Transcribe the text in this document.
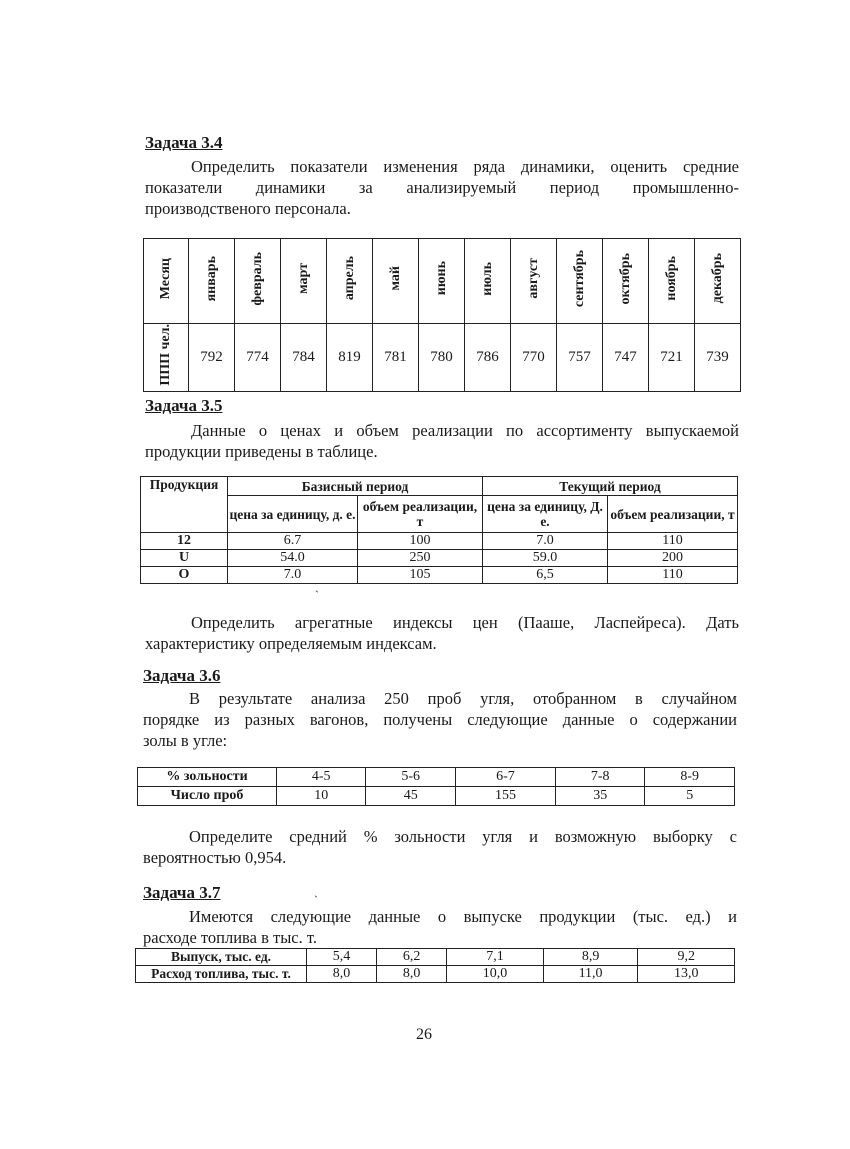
Задача 3.4
Определить показатели изменения ряда динамики, оценить средние
показатели динамики за анализируемый период промышленно-
производственого персонала.
Месяц	январь	февраль	март	апрель	май	июнь	июль	август	сентябрь	октябрь	ноябрь	декабрь
ППП чел.	792	774	784	819	781	780	786	770	757	747	721	739
Задача 3.5
Данные о ценах и объем реализации по ассортименту выпускаемой
продукции приведены в таблице.
Продукция	Базисный период		Текущий период	
	цена за единицу, д. е.	объем реализации, т	цена за единицу, Д. е.	объем реализации, т
12	6.7	100	7.0	110
U	54.0	250	59.0	200
O	7.0	105	6,5	110
ˋ
Определить агрегатные индексы цен (Пааше, Ласпейреса). Дать
характеристику определяемым индексам.
Задача 3.6
В результате анализа 250 проб угля, отобранном в случайном
порядке из разных вагонов, получены следующие данные о содержании
золы в угле:
% зольности	4-5	5-6	6-7	7-8	8-9
Число проб	10	45	155	35	5
Определите средний % зольности угля и возможную выборку с
вероятностью 0,954.
Задача 3.7	ˏ
Имеются следующие данные о выпуске продукции (тыс. ед.) и
расходе топлива в тыс. т.
Выпуск, тыс. ед.	5,4	6,2	7,1	8,9	9,2
Расход топлива, тыс. т.	8,0	8,0	10,0	11,0	13,0
26
